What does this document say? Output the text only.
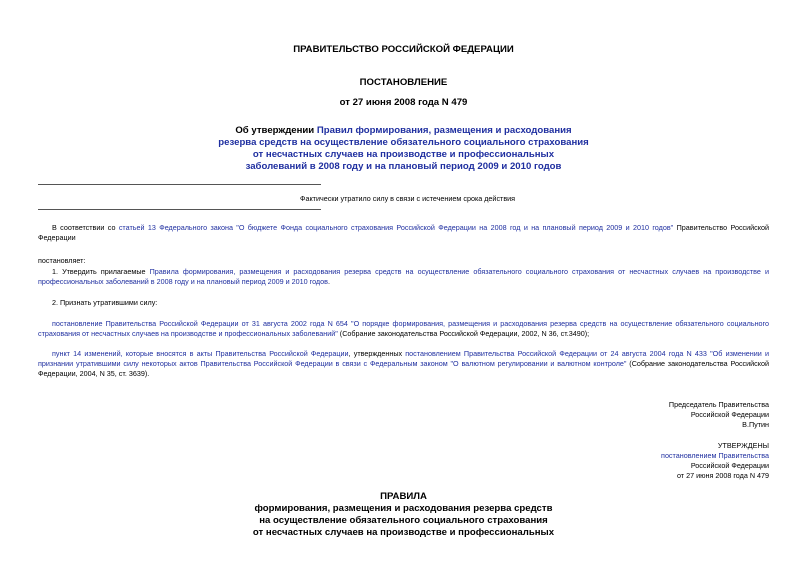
ПРАВИТЕЛЬСТВО РОССИЙСКОЙ ФЕДЕРАЦИИ
ПОСТАНОВЛЕНИЕ
от 27 июня 2008 года N 479
Об утверждении Правил формирования, размещения и расходования
резерва средств на осуществление обязательного социального страхования
от несчастных случаев на производстве и профессиональных
заболеваний в 2008 году и на плановый период 2009 и 2010 годов
Фактически утратило силу в связи с истечением срока действия
В соответствии со статьей 13 Федерального закона "О бюджете Фонда социального страхования Российской Федерации на 2008 год и на плановый период 2009 и 2010 годов" Правительство Российской Федерации
постановляет:
1. Утвердить прилагаемые Правила формирования, размещения и расходования резерва средств на осуществление обязательного социального страхования от несчастных случаев на производстве и профессиональных заболеваний в 2008 году и на плановый период 2009 и 2010 годов.
2. Признать утратившими силу:
постановление Правительства Российской Федерации от 31 августа 2002 года N 654 "О порядке формирования, размещения и расходования резерва средств на осуществление обязательного социального страхования от несчастных случаев на производстве и профессиональных заболеваний" (Собрание законодательства Российской Федерации, 2002, N 36, ст.3490);
пункт 14 изменений, которые вносятся в акты Правительства Российской Федерации, утвержденных постановлением Правительства Российской Федерации от 24 августа 2004 года N 433 "Об изменении и признании утратившими силу некоторых актов Правительства Российской Федерации в связи с Федеральным законом "О валютном регулировании и валютном контроле" (Собрание законодательства Российской Федерации, 2004, N 35, ст. 3639).
Председатель Правительства
Российской Федерации
В.Путин
УТВЕРЖДЕНЫ
постановлением Правительства
Российской Федерации
от 27 июня 2008 года N 479
ПРАВИЛА
формирования, размещения и расходования резерва средств
на осуществление обязательного социального страхования
от несчастных случаев на производстве и профессиональных
